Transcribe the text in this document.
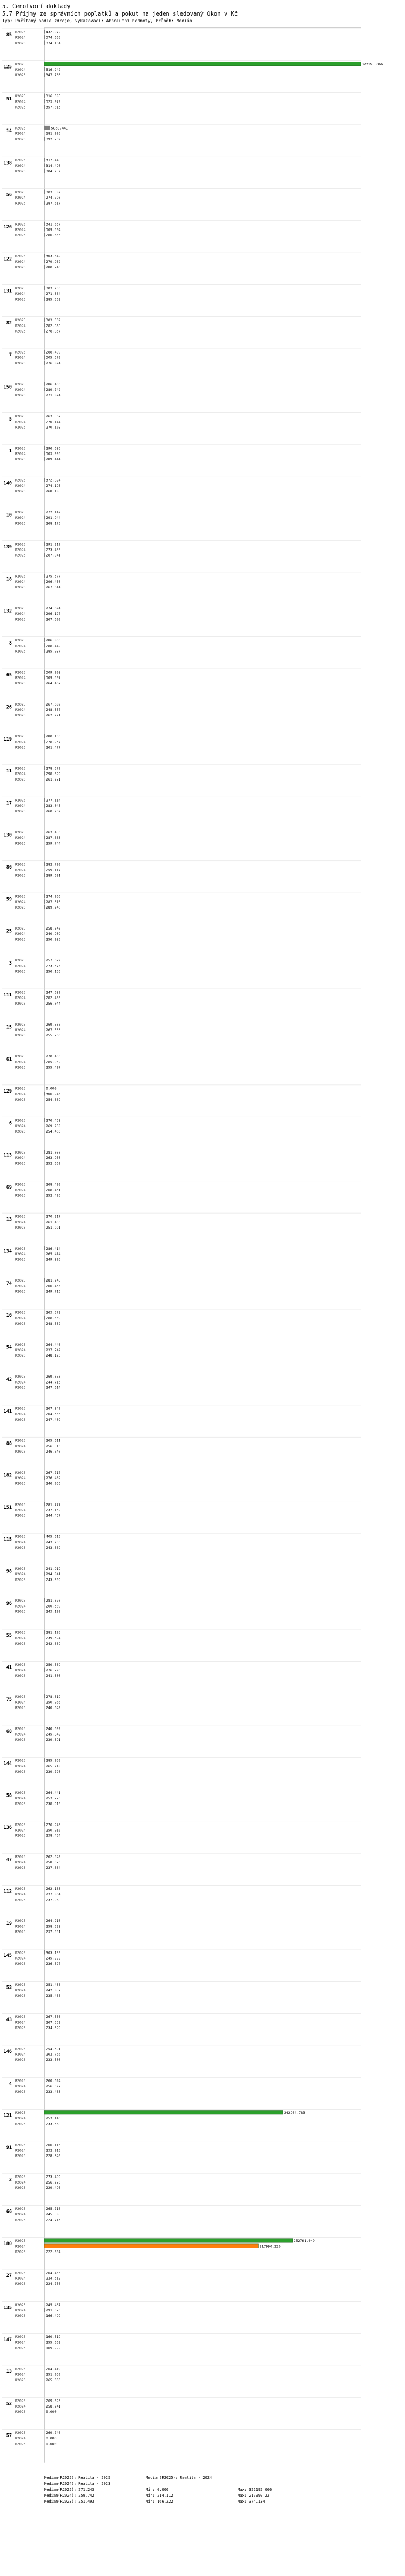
5. Cenotvorí doklady
5.7 Příjmy ze správních poplatků a pokut na jeden sledovaný úkon v Kč
Typ: Počítaný podle zdroje, Vykazovací: Absolutní hodnoty, Průběh: Medián
85
R2025	432.972
R2024	374.665
R2023	374.134
125
R2025	322195.066
R2024	516.242
R2023	347.760
51
R2025	316.385
R2024	323.972
R2023	357.013
14
R2025	5868.441
R2024	181.995
R2023	392.739
138
R2025	317.448
R2024	314.490
R2023	304.252
56
R2025	303.582
R2024	274.790
R2023	287.617
126
R2025	341.637
R2024	309.504
R2023	286.656
122
R2025	303.642
R2024	279.962
R2023	280.746
131
R2025	303.230
R2024	271.384
R2023	285.562
82
R2025	303.369
R2024	282.868
R2023	278.857
7
R2025	288.499
R2024	305.370
R2023	276.894
150
R2025	286.436
R2024	289.742
R2023	271.824
5
R2025	263.567
R2024	270.144
R2023	270.108
1
R2025	296.686
R2024	303.993
R2023	289.444
140
R2025	372.824
R2024	274.195
R2023	268.185
10
R2025	272.142
R2024	291.944
R2023	268.175
139
R2025	291.219
R2024	273.436
R2023	287.941
18
R2025	275.377
R2024	296.450
R2023	267.614
132
R2025	274.694
R2024	296.127
R2023	267.600
8
R2025	286.803
R2024	288.442
R2023	285.987
65
R2025	309.908
R2024	309.507
R2023	264.467
26
R2025	267.689
R2024	248.357
R2023	262.221
119
R2025	280.136
R2024	278.237
R2023	261.477
11
R2025	278.579
R2024	298.629
R2023	261.271
17
R2025	277.114
R2024	283.045
R2023	260.202
130
R2025	263.456
R2024	287.863
R2023	259.744
86
R2025	282.790
R2024	259.117
R2023	289.691
59
R2025	274.966
R2024	287.316
R2023	289.240
25
R2025	258.242
R2024	240.909
R2023	256.985
3
R2025	257.079
R2024	273.375
R2023	256.136
111
R2025	247.689
R2024	282.466
R2023	256.044
15
R2025	269.538
R2024	267.533
R2023	255.766
61
R2025	270.436
R2024	285.952
R2023	255.497
129
R2025	0.000
R2024	306.245
R2023	254.669
6
R2025	276.438
R2024	269.938
R2023	254.403
113
R2025	281.030
R2024	263.950
R2023	252.669
69
R2025	268.490
R2024	268.431
R2023	252.493
13
R2025	270.217
R2024	261.430
R2023	251.991
134
R2025	286.414
R2024	265.414
R2023	249.893
74
R2025	281.245
R2024	266.435
R2023	249.713
16
R2025	263.572
R2024	288.559
R2023	248.532
54
R2025	264.446
R2024	237.742
R2023	248.123
42
R2025	269.353
R2024	244.716
R2023	247.614
141
R2025	267.849
R2024	264.356
R2023	247.409
88
R2025	265.611
R2024	256.513
R2023	246.840
182
R2025	267.717
R2024	276.489
R2023	246.036
151
R2025	281.777
R2024	237.132
R2023	244.437
115
R2025	405.615
R2024	243.236
R2023	243.689
98
R2025	241.919
R2024	294.841
R2023	243.309
96
R2025	281.370
R2024	260.309
R2023	243.199
55
R2025	281.195
R2024	239.324
R2023	242.669
41
R2025	250.569
R2024	276.796
R2023	241.300
75
R2025	278.619
R2024	250.966
R2023	240.649
68
R2025	240.692
R2024	245.842
R2023	239.691
144
R2025	285.950
R2024	265.218
R2023	239.720
58
R2025	264.441
R2024	253.770
R2023	238.910
136
R2025	276.243
R2024	250.910
R2023	238.454
47
R2025	262.549
R2024	258.370
R2023	237.664
112
R2025	262.163
R2024	237.864
R2023	237.968
19
R2025	264.210
R2024	258.528
R2023	237.551
145
R2025	303.136
R2024	245.222
R2023	236.527
53
R2025	251.438
R2024	242.857
R2023	235.488
43
R2025	267.556
R2024	267.332
R2023	234.329
146
R2025	254.391
R2024	262.765
R2023	233.500
4
R2025	260.624
R2024	256.397
R2023	233.463
121
R2025	242964.783
R2024	253.143
R2023	233.368
91
R2025	266.116
R2024	232.915
R2023	228.840
2
R2025	273.499
R2024	256.276
R2023	229.496
66
R2025	265.716
R2024	245.585
R2023	224.713
180
R2025	252761.449
R2024	217990.220
R2023	222.604
27
R2025	264.456
R2024	224.312
R2023	224.756
135
R2025	245.467
R2024	291.370
R2023	166.499
147
R2025	160.519
R2024	255.662
R2023	169.222
13
R2025	264.419
R2024	251.030
R2023	265.000
52
R2025	269.623
R2024	258.241
R2023	0.000
57
R2025	269.746
R2024	0.000
R2023	0.000
Median(R2025): Realita - 2025
Median(R2024): Realita - 2023
Median(R2025): 271.243
Median(R2024): 259.742
Median(R2023): 251.493
Median(R2025): Realita - 2024
Min: 0.000
Min: 214.112
Min: 166.222
Max: 322195.066
Max: 217990.22
Max: 374.134
